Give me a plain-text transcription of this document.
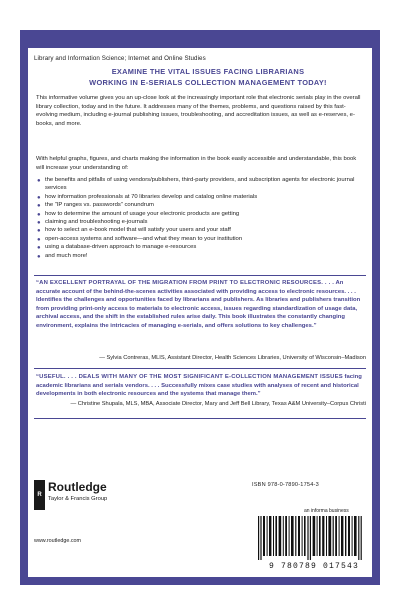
Library and Information Science; Internet and Online Studies
EXAMINE THE VITAL ISSUES FACING LIBRARIANS
WORKING IN E-SERIALS COLLECTION MANAGEMENT TODAY!
This informative volume gives you an up-close look at the increasingly important role that electronic serials play in the overall library collection, today and in the future. It addresses many of the themes, problems, and questions raised by this fast-evolving medium, including e-journal publishing issues, troubleshooting, and accreditation issues, as well as e-reserves, e-books, and more.
With helpful graphs, figures, and charts making the information in the book easily accessible and understandable, this book will increase your understanding of:
● the benefits and pitfalls of using vendors/publishers, third-party providers, and subscription agents for electronic journal services
● how information professionals at 70 libraries develop and catalog online materials
● the “IP ranges vs. passwords” conundrum
● how to determine the amount of usage your electronic products are getting
● claiming and troubleshooting e-journals
● how to select an e-book model that will satisfy your users and your staff
● open-access systems and software—and what they mean to your institution
● using a database-driven approach to manage e-resources
● and much more!
“AN EXCELLENT PORTRAYAL OF THE MIGRATION FROM PRINT TO ELECTRONIC RESOURCES. . . . An accurate account of the behind-the-scenes activities associated with providing access to electronic resources. . . . Identifies the challenges and opportunities faced by librarians and publishers. As libraries and publishers transition from providing print-only access to materials to electronic access, issues regarding standardization of usage data, archival access, and the shift in the established rules arise daily. This book illustrates the constantly changing environment, explains the intricacies of managing e-serials, and offers solutions to key challenges.”
— Sylvia Contreras, MLIS, Assistant Director, Health Sciences Libraries, University of Wisconsin–Madison
“USEFUL. . . . DEALS WITH MANY OF THE MOST SIGNIFICANT E-COLLECTION MANAGEMENT ISSUES facing academic librarians and serials vendors. . . . Successfully mixes case studies with analyses of recent and historical developments in both electronic resources and the systems that manage them.”
— Christine Shupala, MLS, MBA, Associate Director, Mary and Jeff Bell Library, Texas A&M University–Corpus Christi
R
Routledge
Taylor & Francis Group
www.routledge.com
ISBN 978-0-7890-1754-3
an informa business
9 780789 017543
